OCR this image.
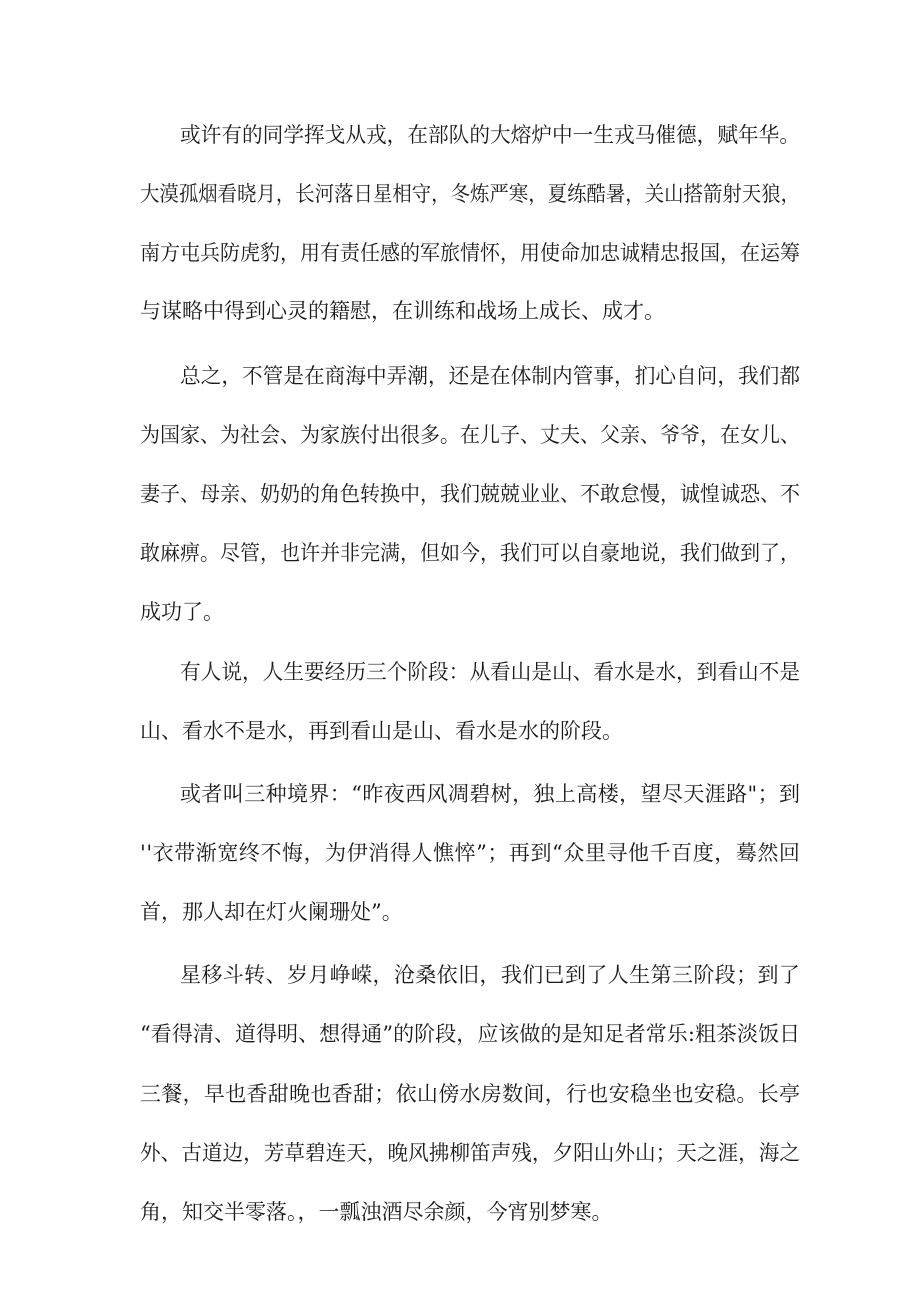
或许有的同学挥戈从戎，在部队的大熔炉中一生戎马催德，赋年华。
大漠孤烟看晓月，长河落日星相守，冬炼严寒，夏练酷暑，关山搭箭射天狼，
南方屯兵防虎豹，用有责任感的军旅情怀，用使命加忠诚精忠报国，在运筹
与谋略中得到心灵的籍慰，在训练和战场上成长、成才。
总之，不管是在商海中弄潮，还是在体制内管事，扪心自问，我们都
为国家、为社会、为家族付出很多。在儿子、丈夫、父亲、爷爷，在女儿、
妻子、母亲、奶奶的角色转换中，我们兢兢业业、不敢怠慢，诚惶诚恐、不
敢麻痹。尽管，也许并非完满，但如今，我们可以自豪地说，我们做到了，
成功了。
有人说，人生要经历三个阶段：从看山是山、看水是水，到看山不是
山、看水不是水，再到看山是山、看水是水的阶段。
或者叫三种境界：“昨夜西风凋碧树，独上高楼，望尽天涯路"；到
''衣带渐宽终不悔，为伊消得人憔悴”；再到“众里寻他千百度，蓦然回
首，那人却在灯火阑珊处”。
星移斗转、岁月峥嵘，沧桑依旧，我们已到了人生第三阶段；到了
“看得清、道得明、想得通”的阶段，应该做的是知足者常乐:粗茶淡饭日
三餐，早也香甜晚也香甜；依山傍水房数间，行也安稳坐也安稳。长亭
外、古道边，芳草碧连天，晚风拂柳笛声残，夕阳山外山；天之涯，海之
角，知交半零落。，一瓢浊酒尽余颜，今宵别梦寒。
